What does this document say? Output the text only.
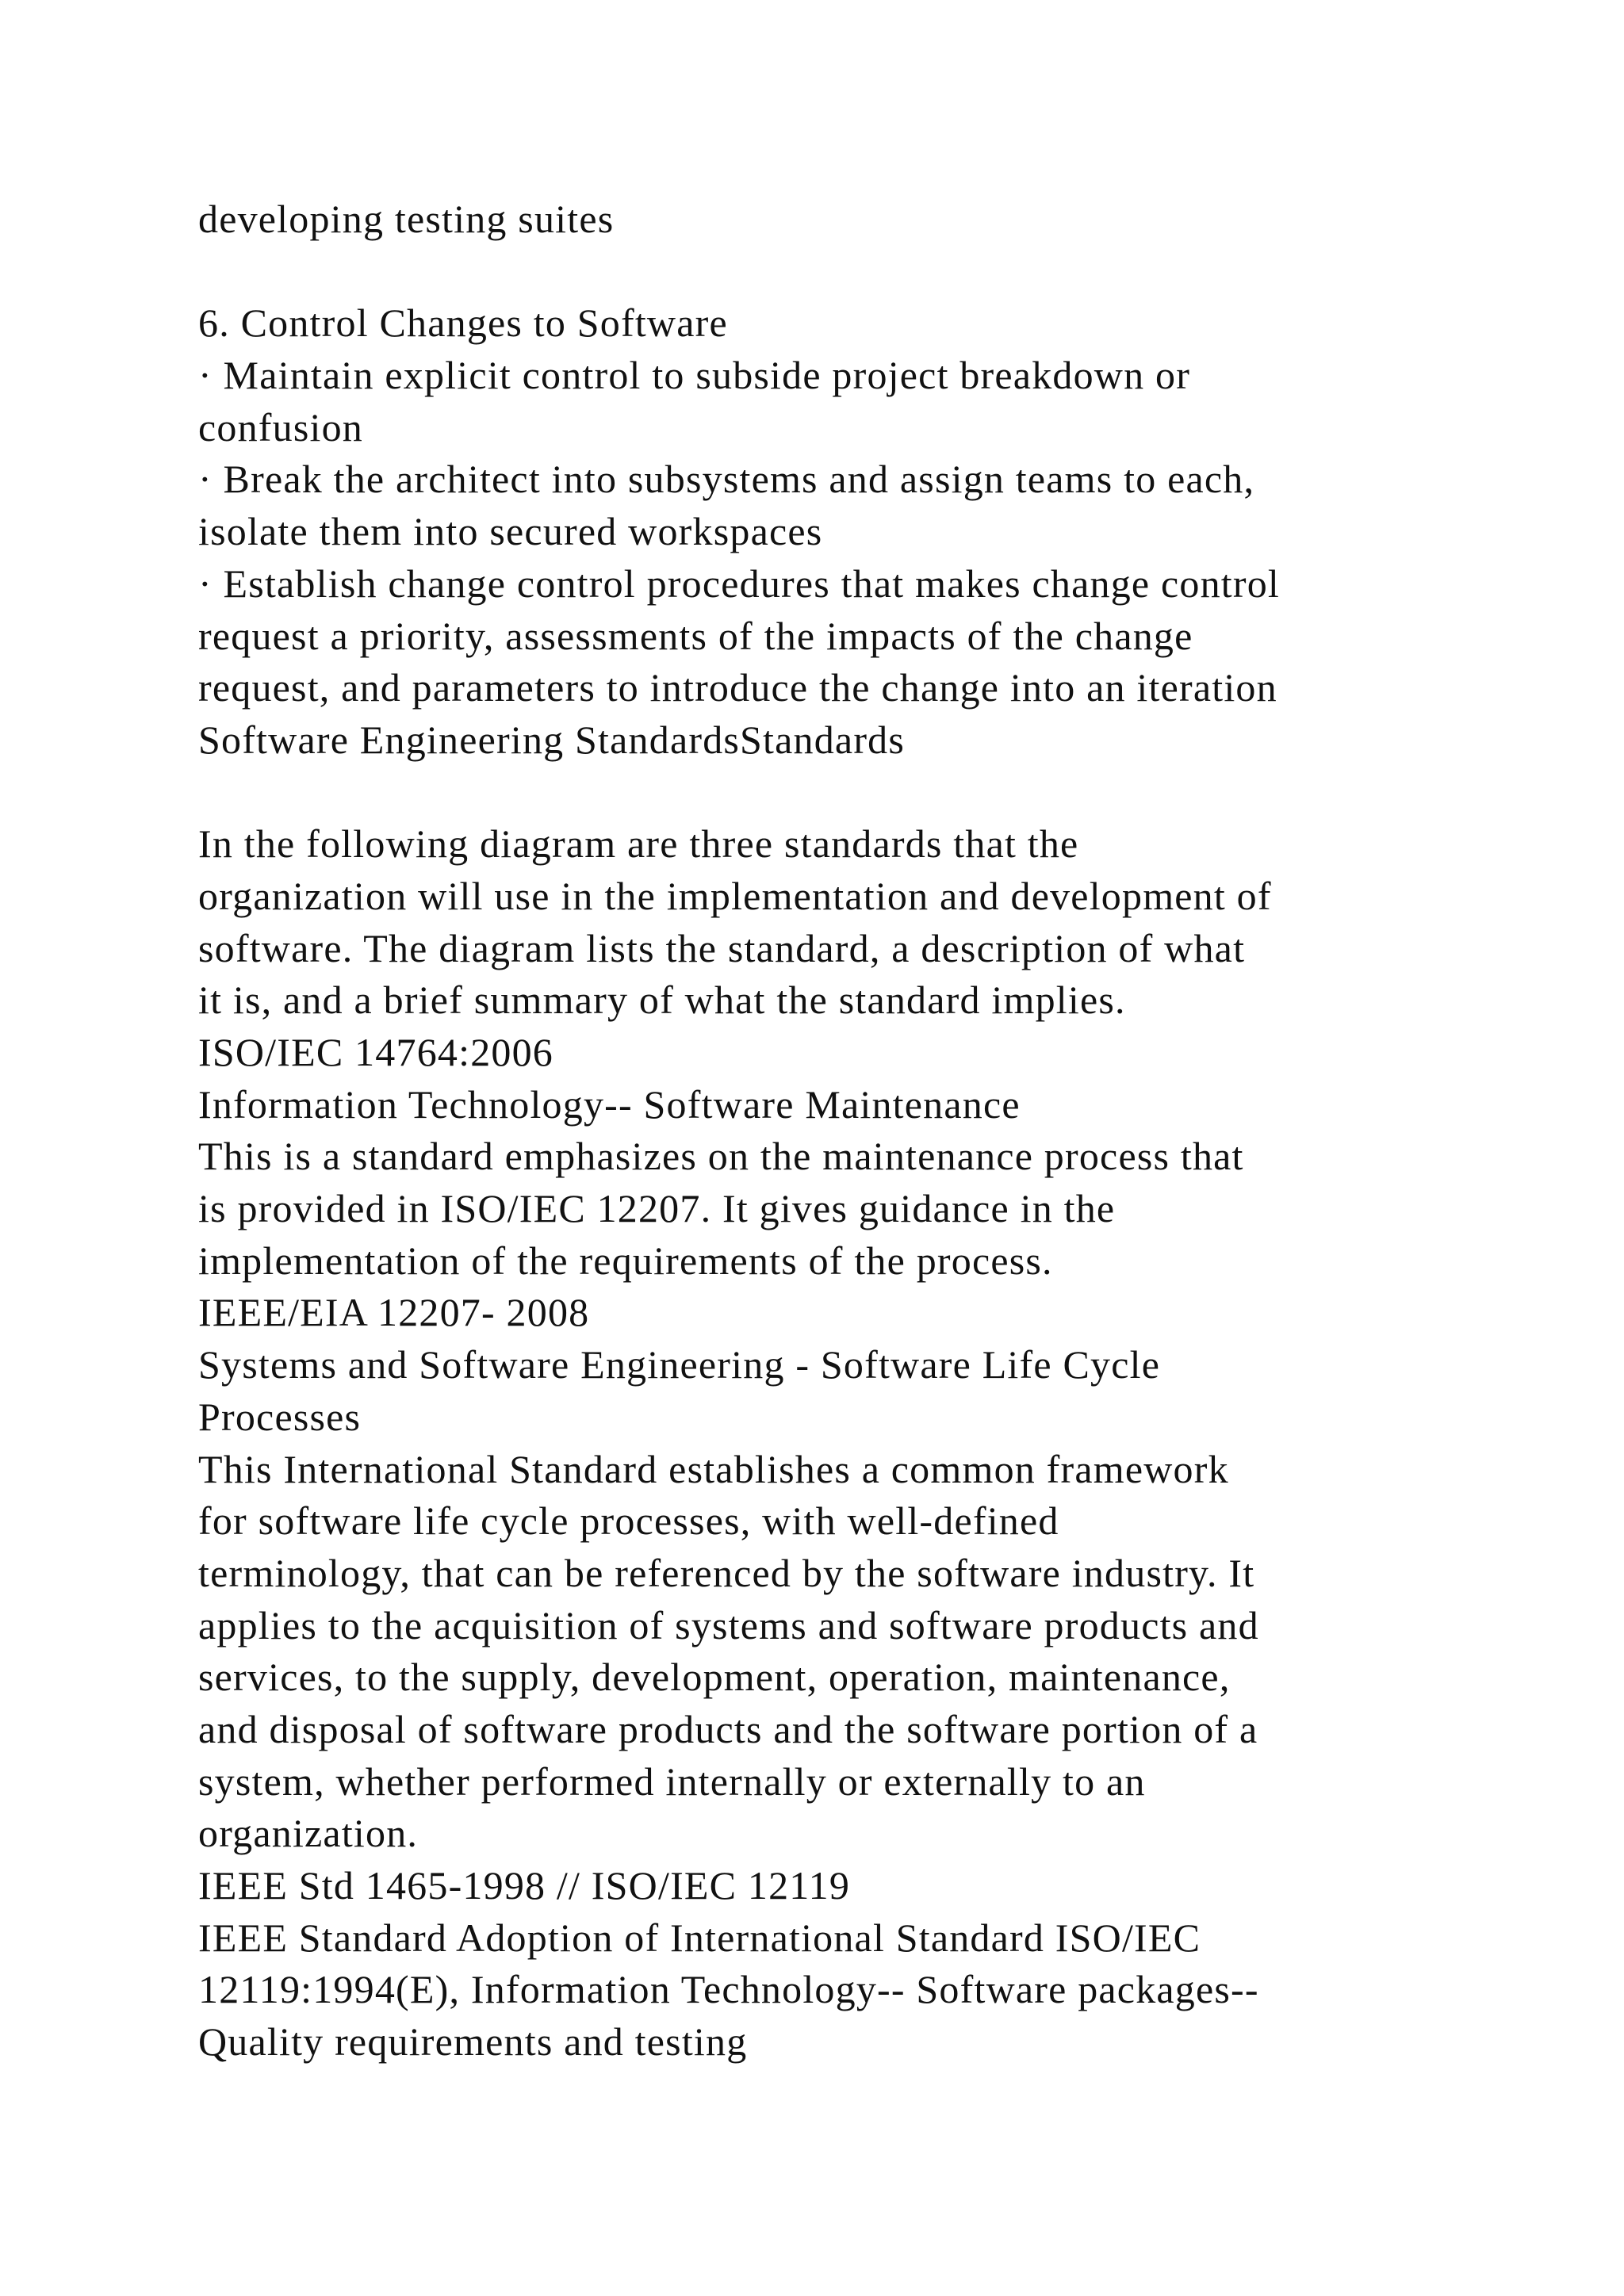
developing testing suites
6. Control Changes to Software
· Maintain explicit control to subside project breakdown or
confusion
· Break the architect into subsystems and assign teams to each,
isolate them into secured workspaces
· Establish change control procedures that makes change control
request a priority, assessments of the impacts of the change
request, and parameters to introduce the change into an iteration
Software Engineering StandardsStandards
In the following diagram are three standards that the
organization will use in the implementation and development of
software. The diagram lists the standard, a description of what
it is, and a brief summary of what the standard implies.
ISO/IEC 14764:2006
Information Technology-- Software Maintenance
This is a standard emphasizes on the maintenance process that
is provided in ISO/IEC 12207. It gives guidance in the
implementation of the requirements of the process.
IEEE/EIA 12207- 2008
Systems and Software Engineering - Software Life Cycle
Processes
This International Standard establishes a common framework
for software life cycle processes, with well-defined
terminology, that can be referenced by the software industry. It
applies to the acquisition of systems and software products and
services, to the supply, development, operation, maintenance,
and disposal of software products and the software portion of a
system, whether performed internally or externally to an
organization.
IEEE Std 1465-1998 // ISO/IEC 12119
IEEE Standard Adoption of International Standard ISO/IEC
12119:1994(E), Information Technology-- Software packages--
Quality requirements and testing
